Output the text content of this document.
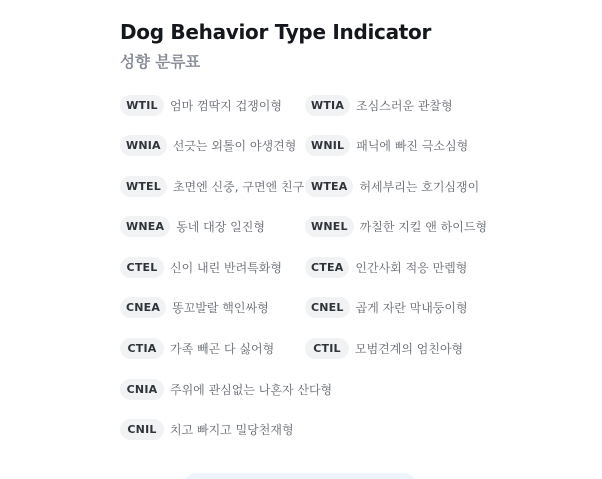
Dog Behavior Type Indicator
성향 분류표
WTIL	엄마 껌딱지 겁쟁이형	WTIA	조심스러운 관찰형
WNIA	선긋는 외톨이 야생견형	WNIL	패닉에 빠진 극소심형
WTEL	초면엔 신중, 구면엔 친구 WTEA	허세부리는 호기심쟁이
WNEA	동네 대장 일진형	WNEL	까칠한 지킬 앤 하이드형
CTEL	신이 내린 반려특화형	CTEA	인간사회 적응 만렙형
CNEA	똥꼬발랄 핵인싸형	CNEL	곱게 자란 막내둥이형
CTIA	가족 빼곤 다 싫어형	CTIL	모범견계의 엄친아형
CNIA	주위에 관심없는 나혼자 산다형
CNIL	치고 빠지고 밀당천재형
